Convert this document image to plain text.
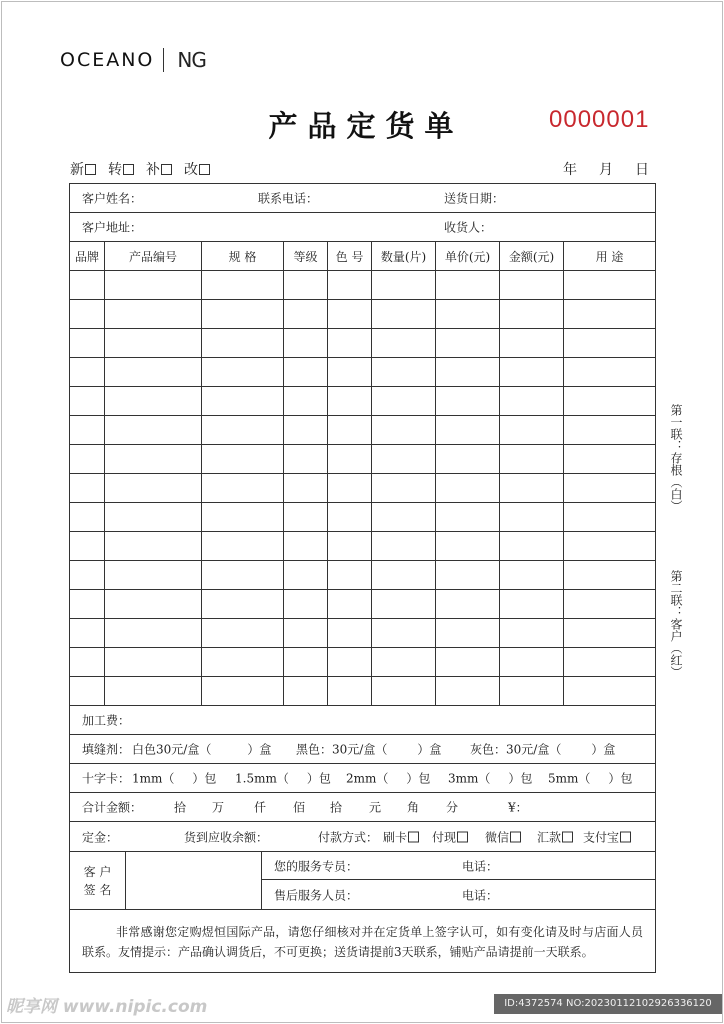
OCEANO NG
产品定货单	0000001
新	转	补	改	年 月 日
第一联：存根（白）
第二联：客户（红）
客户姓名：	联系电话：	送货日期：
客户地址：	收货人：
品牌	产品编号	规 格	等级	色 号	数量(片)	单价(元)	金额(元)	用 途
加工费：
填缝剂： 白色30元/盒（	）盒 黑色：30元/盒（	）盒 灰色：30元/盒（	）盒
十字卡： 1mm（ ）包 1.5mm（ ）包 2mm（ ）包 3mm（ ）包 5mm（ ）包
合计金额：	拾 万 仟 佰 拾 元 角 分	¥：
定金：	货到应收余额：	付款方式： 刷卡	付现	微信	汇款	支付宝
客 户
签 名
您的服务专员：	电话：
售后服务人员：	电话：
非常感谢您定购煜恒国际产品，请您仔细核对并在定货单上签字认可，如有变化请及时与店面人员联系。友情提示：产品确认调货后，不可更换；送货请提前3天联系，铺贴产品请提前一天联系。
昵享网 www.nipic.com	ID:4372574 NO:20230112102926336120
